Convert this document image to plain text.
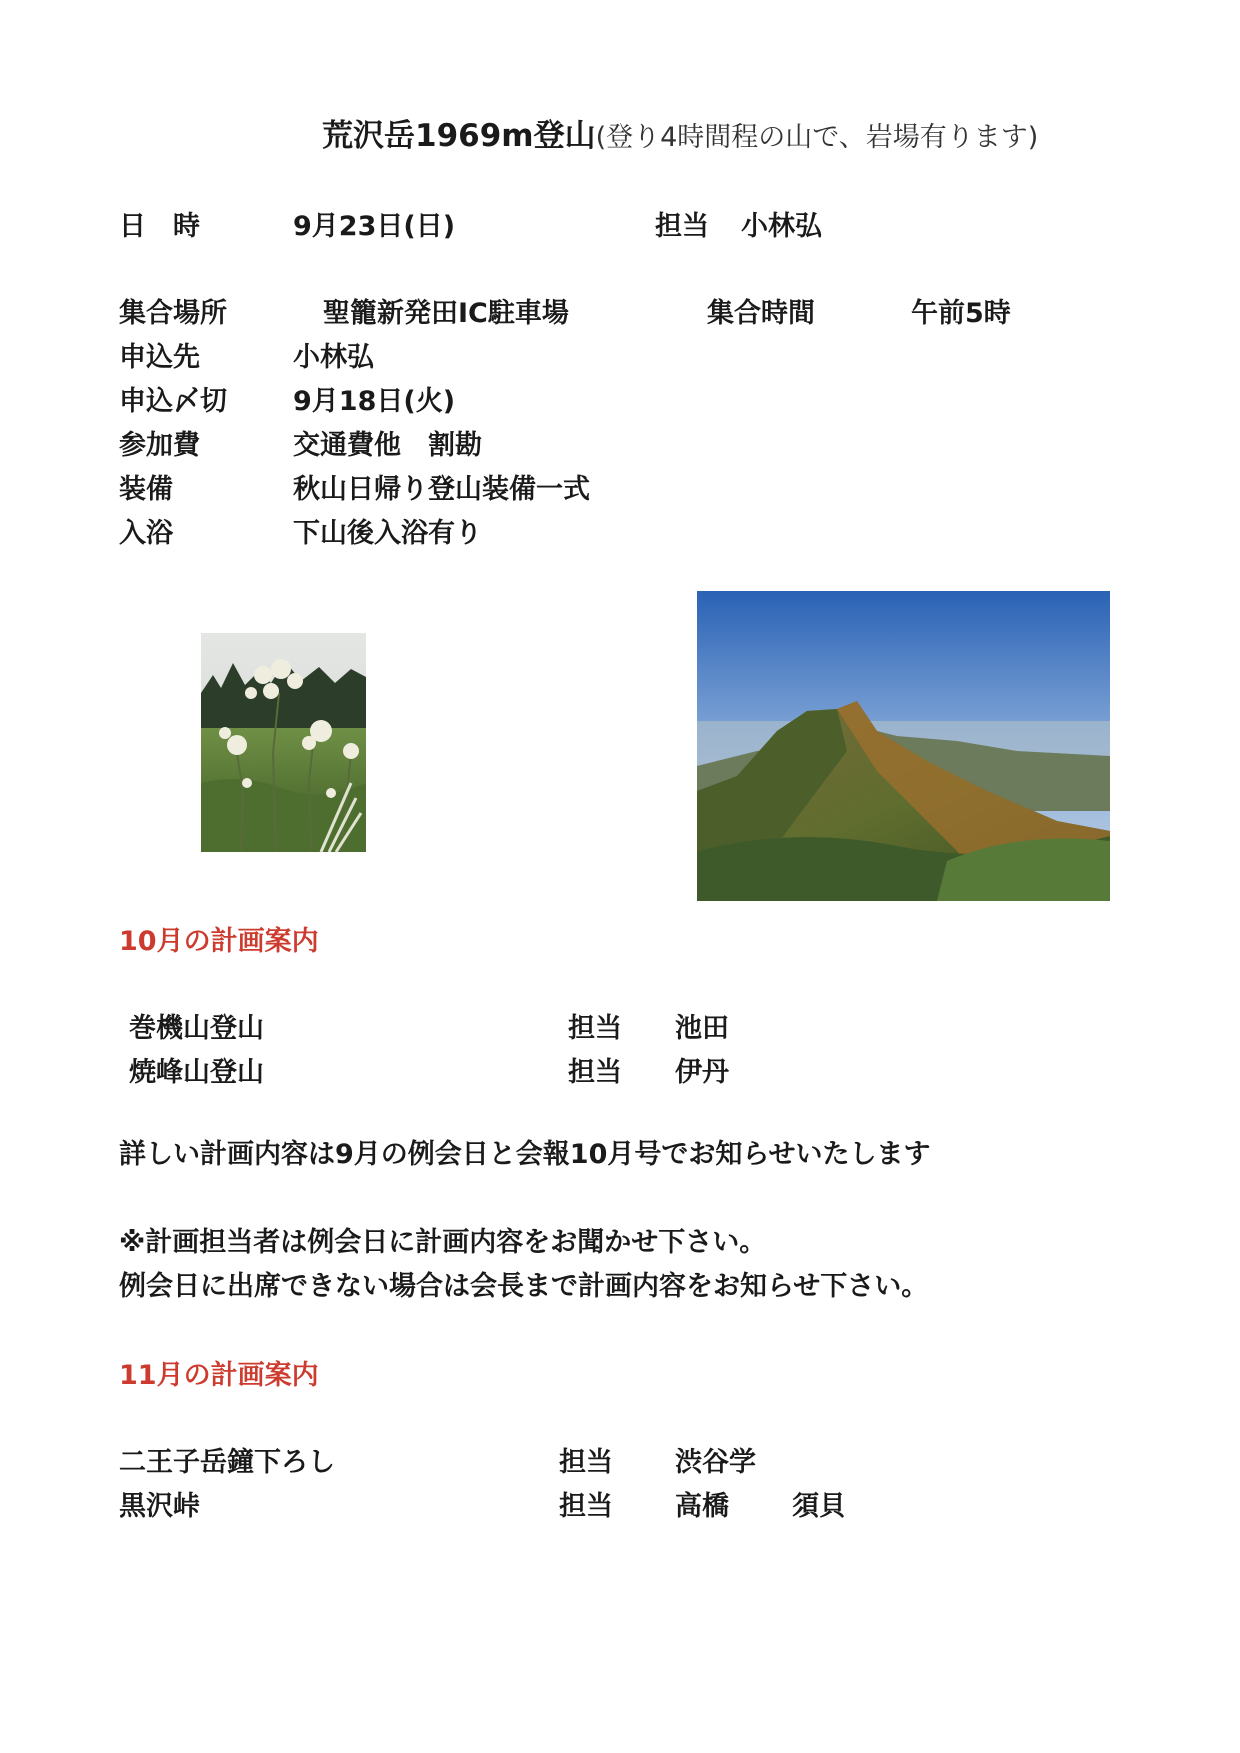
荒沢岳1969m登山(登り4時間程の山で、岩場有ります)
日　時	9月23日(日)	担当 小林弘
集合場所	聖籠新発田IC駐車場	集合時間	午前5時
申込先	小林弘
申込〆切 9月18日(火)
参加費	交通費他　割勘
装備	秋山日帰り登山装備一式
入浴	下山後入浴有り
10月の計画案内
巻機山登山	担当 池田
焼峰山登山	担当 伊丹
詳しい計画内容は9月の例会日と会報10月号でお知らせいたします
※計画担当者は例会日に計画内容をお聞かせ下さい。
例会日に出席できない場合は会長まで計画内容をお知らせ下さい。
11月の計画案内
二王子岳鐘下ろし	担当 渋谷学
黒沢峠	担当 高橋 須貝
